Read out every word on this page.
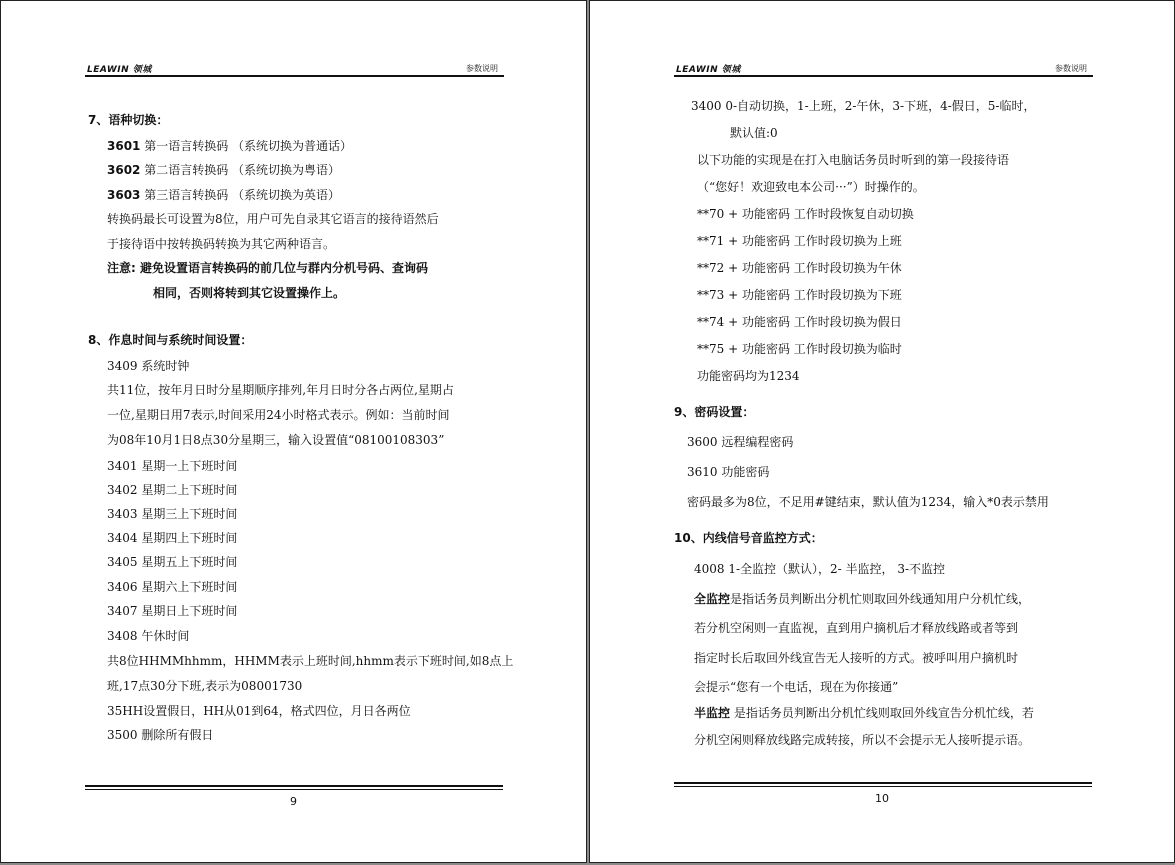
LEAWIN 领城	参数说明
7、语种切换：
3601 第一语言转换码 （系统切换为普通话）
3602 第二语言转换码 （系统切换为粤语）
3603 第三语言转换码 （系统切换为英语）
转换码最长可设置为8位，用户可先自录其它语言的接待语然后
于接待语中按转换码转换为其它两种语言。
注意: 避免设置语言转换码的前几位与群内分机号码、查询码
相同，否则将转到其它设置操作上。
8、作息时间与系统时间设置：
3409 系统时钟
共11位，按年月日时分星期顺序排列,年月日时分各占两位,星期占
一位,星期日用7表示,时间采用24小时格式表示。例如：当前时间
为08年10月1日8点30分星期三，输入设置值“08100108303”
3401 星期一上下班时间
3402 星期二上下班时间
3403 星期三上下班时间
3404 星期四上下班时间
3405 星期五上下班时间
3406 星期六上下班时间
3407 星期日上下班时间
3408 午休时间
共8位HHMMhhmm，HHMM表示上班时间,hhmm表示下班时间,如8点上
班,17点30分下班,表示为08001730
35HH设置假日，HH从01到64，格式四位，月日各两位
3500 删除所有假日
9
LEAWIN 领城	参数说明
3400 0-自动切换，1-上班，2-午休，3-下班，4-假日，5-临时，
默认值:0
以下功能的实现是在打入电脑话务员时听到的第一段接待语
（“您好！欢迎致电本公司···”）时操作的。
**70 + 功能密码 工作时段恢复自动切换
**71 + 功能密码 工作时段切换为上班
**72 + 功能密码 工作时段切换为午休
**73 + 功能密码 工作时段切换为下班
**74 + 功能密码 工作时段切换为假日
**75 + 功能密码 工作时段切换为临时
功能密码均为1234
9、密码设置：
3600 远程编程密码
3610 功能密码
密码最多为8位，不足用#键结束，默认值为1234，输入*0表示禁用
10、内线信号音监控方式：
4008 1-全监控（默认），2- 半监控， 3-不监控
全监控是指话务员判断出分机忙则取回外线通知用户分机忙线，
若分机空闲则一直监视，直到用户摘机后才释放线路或者等到
指定时长后取回外线宣告无人接听的方式。被呼叫用户摘机时
会提示“您有一个电话，现在为你接通”
半监控 是指话务员判断出分机忙线则取回外线宣告分机忙线，若
分机空闲则释放线路完成转接，所以不会提示无人接听提示语。
10
